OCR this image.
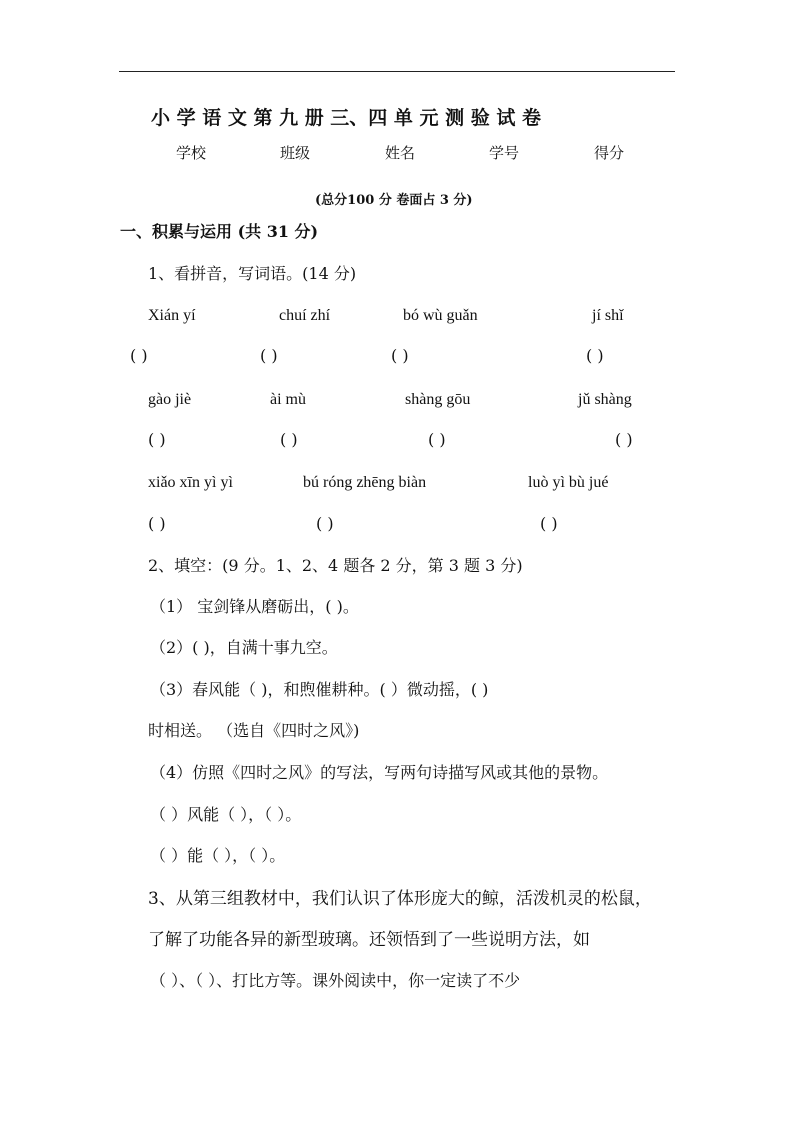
小 学 语 文 第 九 册 三、四 单 元 测 验 试 卷
学校	班级	姓名	学号	得分
(总分100 分 卷面占 3 分)
一、积累与运用 (共 31 分)
1、看拼音，写词语。(14 分)
Xián yí	chuí zhí	bó wù guǎn	jí shǐ
( )	( )	( )	( )
gào jiè	ài mù	shàng gōu	jǔ shàng
( )	( )	( )	( )
xiǎo xīn yì yì	bú róng zhēng biàn	luò yì bù jué
( )	( )	( )
2、填空：(9 分。1、2、4 题各 2 分，第 3 题 3 分)
（1） 宝剑锋从磨砺出，( )。
（2）( )，自满十事九空。
（3）春风能（ )，和煦催耕种。( ）微动摇，( )
时相送。 （选自《四时之风》)
（4）仿照《四时之风》的写法，写两句诗描写风或其他的景物。
（ ）风能（ ），（ ）。
（ ）能（ ），（ ）。
3、从第三组教材中，我们认识了体形庞大的鲸，活泼机灵的松鼠，
了解了功能各异的新型玻璃。还领悟到了一些说明方法，如
（ ）、（ ）、打比方等。课外阅读中，你一定读了不少
